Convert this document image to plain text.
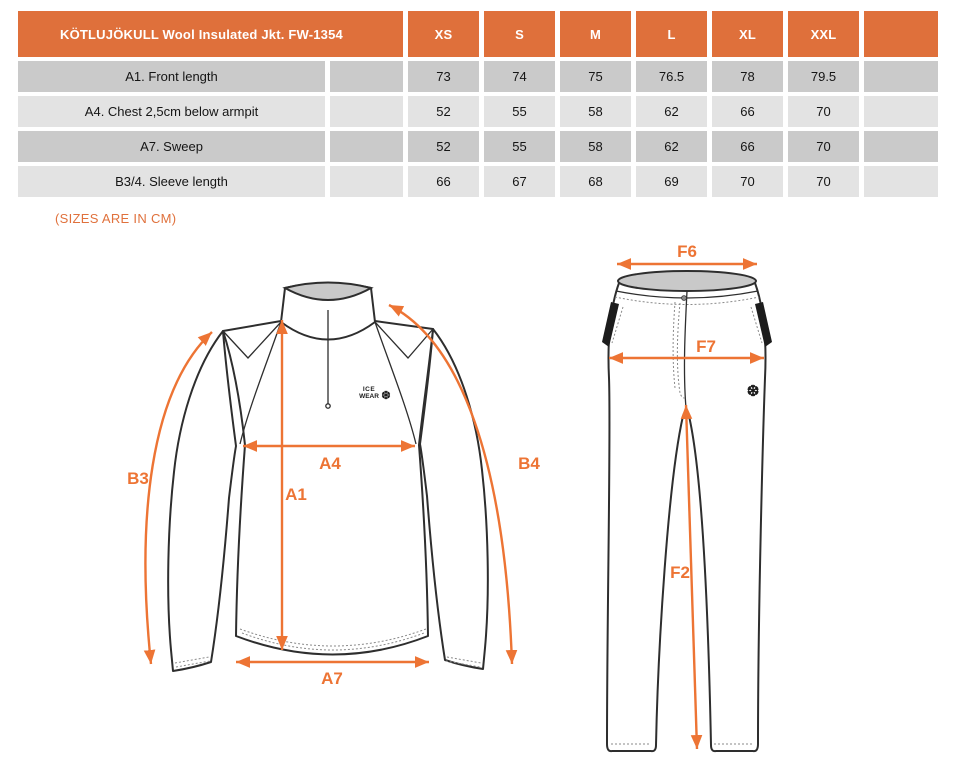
KÖTLUJÖKULL Wool Insulated Jkt. FW-1354		XS	S	M	L	XL	XXL	
A1. Front length		73	74	75	76.5	78	79.5	
A4. Chest 2,5cm below armpit		52	55	58	62	66	70	
A7. Sweep		52	55	58	62	66	70	
B3/4. Sleeve length		66	67	68	69	70	70	
(SIZES ARE IN CM)
ICE
WEAR ❆
B3
A4
A1
B4
A7
❆
F6
F7
F2
